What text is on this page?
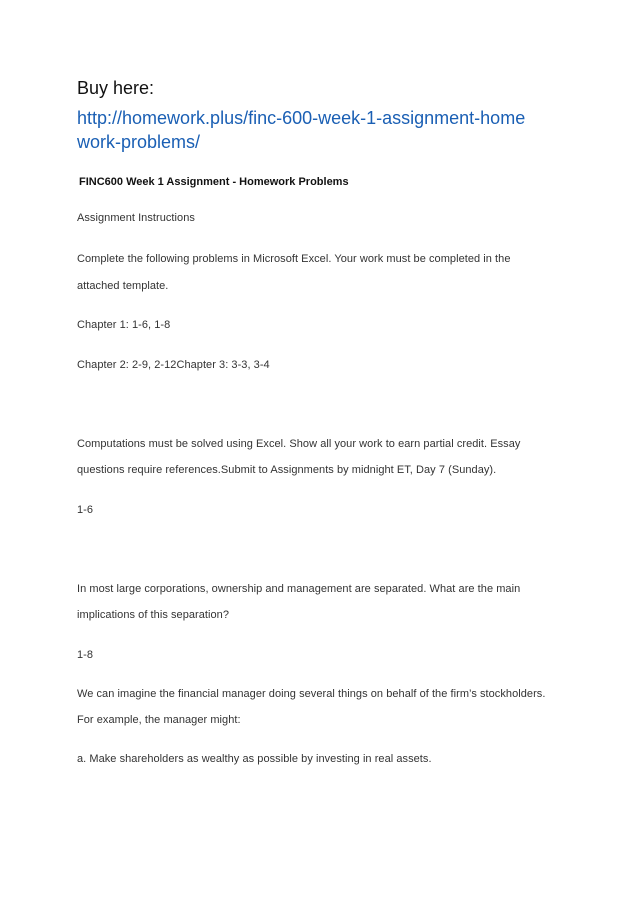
Buy here:
http://homework.plus/finc-600-week-1-assignment-home
work-problems/
FINC600 Week 1 Assignment - Homework Problems
Assignment Instructions
Complete the following problems in Microsoft Excel. Your work must be completed in the
attached template.
Chapter 1: 1-6, 1-8
Chapter 2: 2-9, 2-12Chapter 3: 3-3, 3-4
Computations must be solved using Excel. Show all your work to earn partial credit. Essay
questions require references.Submit to Assignments by midnight ET, Day 7 (Sunday).
1-6
In most large corporations, ownership and management are separated. What are the main
implications of this separation?
1-8
We can imagine the financial manager doing several things on behalf of the firm’s stockholders.
For example, the manager might:
a. Make shareholders as wealthy as possible by investing in real assets.
